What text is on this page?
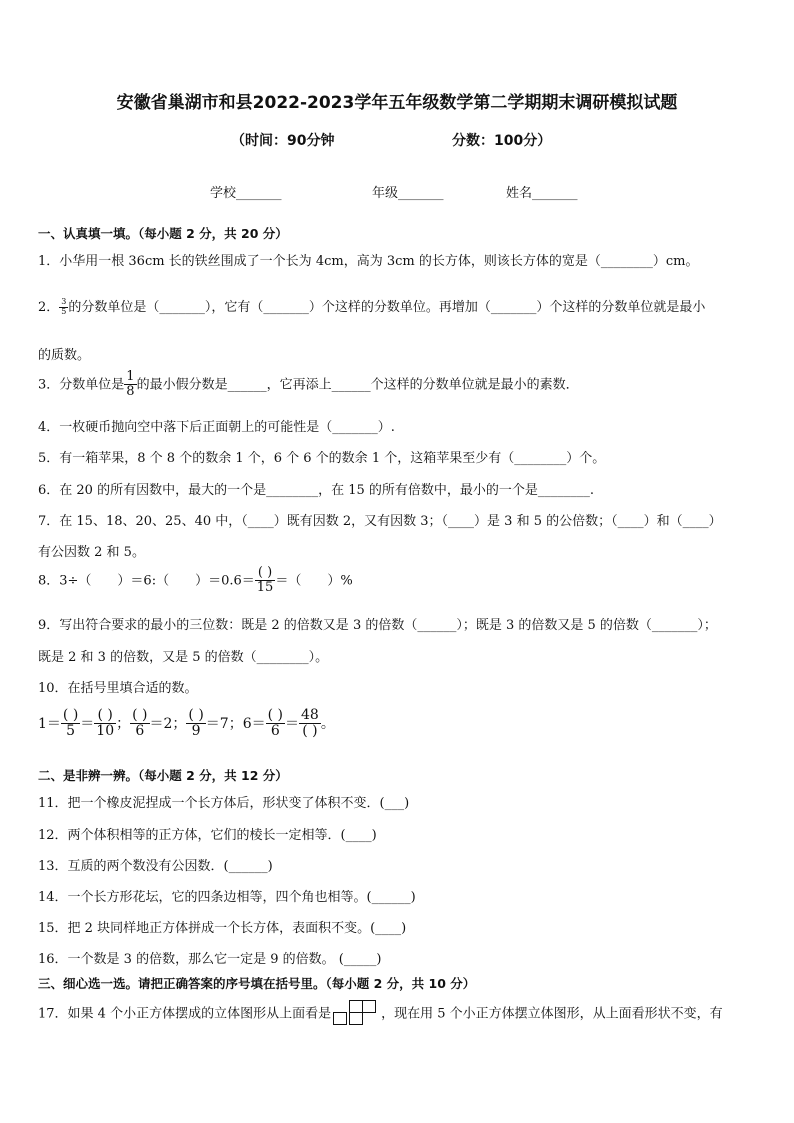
安徽省巢湖市和县2022-2023学年五年级数学第二学期期末调研模拟试题
（时间：90分钟	分数：100分）
学校_______	年级_______	姓名_______
一、认真填一填。（每小题 2 分，共 20 分）
1．小华用一根 36cm 长的铁丝围成了一个长为 4cm，高为 3cm 的长方体，则该长方体的宽是（________）cm。
2． $\frac{3}{5}$ 的分数单位是（_______），它有（_______）个这样的分数单位。再增加（_______）个这样的分数单位就是最小
的质数。
3．分数单位是 $\frac{1}{8}$ 的最小假分数是______，它再添上______个这样的分数单位就是最小的素数．
4．一枚硬币抛向空中落下后正面朝上的可能性是（_______）.
5．有一箱苹果，8 个 8 个的数余 1 个，6 个 6 个的数余 1 个，这箱苹果至少有（________）个。
6．在 20 的所有因数中，最大的一个是________，在 15 的所有倍数中，最小的一个是________.
7．在 15、18、20、25、40 中，（____）既有因数 2，又有因数 3；（____）是 3 和 5 的公倍数；（____）和（____）
有公因数 2 和 5。
8．3÷（　　）＝6:（　　）$=0.6= \frac{( )}{15}$ ＝（　　）%
9．写出符合要求的最小的三位数：既是 2 的倍数又是 3 的倍数（______）；既是 3 的倍数又是 5 的倍数（_______）；
既是 2 和 3 的倍数，又是 5 的倍数（________）。
10．在括号里填合适的数。
$1= \frac{( )}{5} = \frac{( )}{10}$ ； $\frac{( )}{6} =2$； $\frac{( )}{9} =7$；$6= \frac{( )}{6} = \frac{48}{( )}$ 。
二、是非辨一辨。（每小题 2 分，共 12 分）
11．把一个橡皮泥捏成一个长方体后，形状变了体积不变．(___)
12．两个体积相等的正方体，它们的棱长一定相等．(____)
13．互质的两个数没有公因数．(______)
14．一个长方形花坛，它的四条边相等，四个角也相等。(______)
15．把 2 块同样地正方体拼成一个长方体，表面积不变。(____)
16．一个数是 3 的倍数，那么它一定是 9 的倍数。 (_____)
三、细心选一选。请把正确答案的序号填在括号里。（每小题 2 分，共 10 分）
17．如果 4 个小正方体摆成的立体图形从上面看是	，现在用 5 个小正方体摆立体图形，从上面看形状不变，有
